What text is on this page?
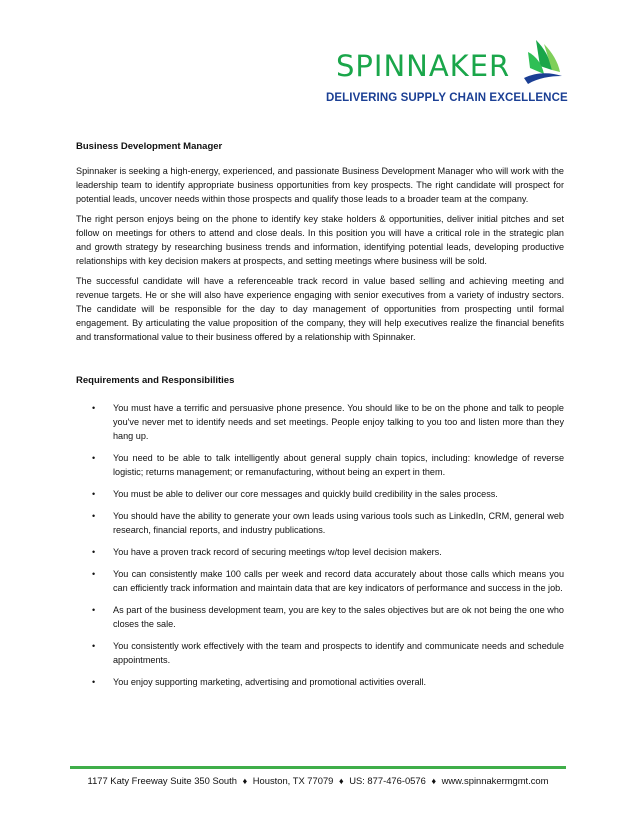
SPINNAKER
DELIVERING SUPPLY CHAIN EXCELLENCE
Business Development Manager

Spinnaker is seeking a high-energy, experienced, and passionate Business Development Manager who will work with the leadership team to identify appropriate business opportunities from key prospects. The right candidate will prospect for potential leads, uncover needs within those prospects and qualify those leads to a broader team at the company.

The right person enjoys being on the phone to identify key stake holders & opportunities, deliver initial pitches and set follow on meetings for others to attend and close deals. In this position you will have a critical role in the strategic plan and growth strategy by researching business trends and information, identifying potential leads, developing productive relationships with key decision makers at prospects, and setting meetings where business will be sold.

The successful candidate will have a referenceable track record in value based selling and achieving meeting and revenue targets. He or she will also have experience engaging with senior executives from a variety of industry sectors. The candidate will be responsible for the day to day management of opportunities from prospecting until formal engagement. By articulating the value proposition of the company, they will help executives realize the financial benefits and transformational value to their business offered by a relationship with Spinnaker.

Requirements and Responsibilities
• You must have a terrific and persuasive phone presence. You should like to be on the phone and talk to people you've never met to identify needs and set meetings. People enjoy talking to you too and listen more than they hang up.
• You need to be able to talk intelligently about general supply chain topics, including: knowledge of reverse logistic; returns management; or remanufacturing, without being an expert in them.
• You must be able to deliver our core messages and quickly build credibility in the sales process.
• You should have the ability to generate your own leads using various tools such as LinkedIn, CRM, general web research, financial reports, and industry publications.
• You have a proven track record of securing meetings w/top level decision makers.
• You can consistently make 100 calls per week and record data accurately about those calls which means you can efficiently track information and maintain data that are key indicators of performance and success in the job.
• As part of the business development team, you are key to the sales objectives but are ok not being the one who closes the sale.
• You consistently work effectively with the team and prospects to identify and communicate needs and schedule appointments.
• You enjoy supporting marketing, advertising and promotional activities overall.
1177 Katy Freeway Suite 350 South ♦ Houston, TX 77079 ♦ US: 877-476-0576 ♦ www.spinnakermgmt.com
